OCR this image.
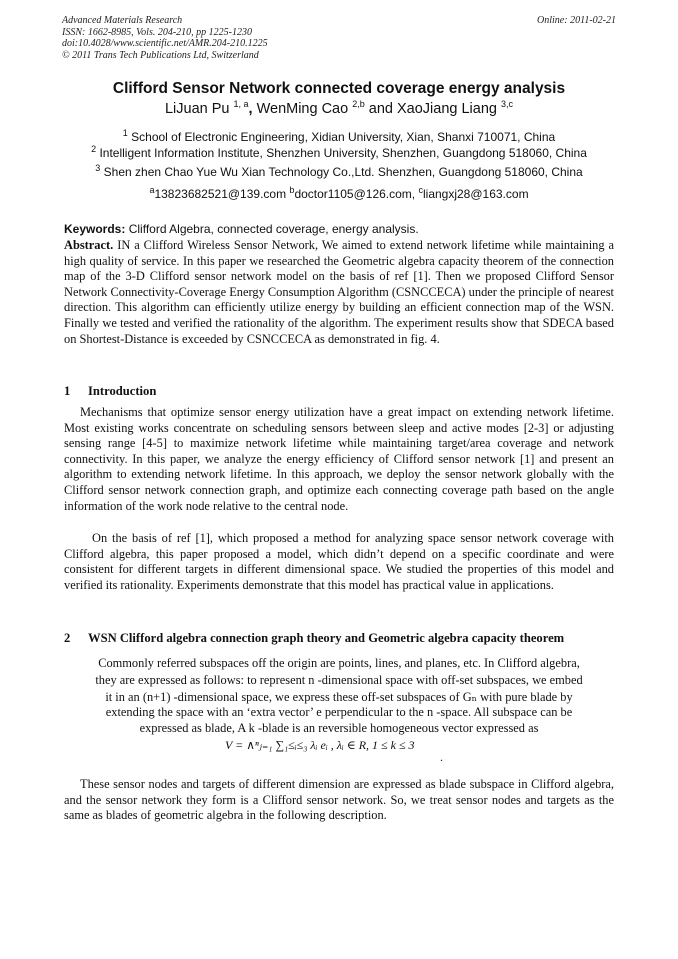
Advanced Materials Research
ISSN: 1662-8985, Vols. 204-210, pp 1225-1230
doi:10.4028/www.scientific.net/AMR.204-210.1225
© 2011 Trans Tech Publications Ltd, Switzerland
Online: 2011-02-21
Clifford Sensor Network connected coverage energy analysis
LiJuan Pu $^{1, a}$, WenMing Cao $^{2,b}$ and XaoJiang Liang $^{3,c}$
$^1$ School of Electronic Engineering, Xidian University, Xian, Shanxi 710071, China
$^2$ Intelligent Information Institute, Shenzhen University, Shenzhen, Guangdong 518060, China
$^3$ Shen zhen Chao Yue Wu Xian Technology Co.,Ltd. Shenzhen, Guangdong 518060, China
$^a$13823682521@139.com $^b$doctor1105@126.com, $^c$liangxj28@163.com
Keywords: Clifford Algebra, connected coverage, energy analysis.
Abstract. IN a Clifford Wireless Sensor Network, We aimed to extend network lifetime while maintaining a high quality of service. In this paper we researched the Geometric algebra capacity theorem of the connection map of the 3-D Clifford sensor network model on the basis of ref [1]. Then we proposed Clifford Sensor Network Connectivity-Coverage Energy Consumption Algorithm (CSNCCECA) under the principle of nearest direction. This algorithm can efficiently utilize energy by building an efficient connection map of the WSN. Finally we tested and verified the rationality of the algorithm. The experiment results show that SDECA based on Shortest-Distance is exceeded by CSNCCECA as demonstrated in fig. 4.
1 Introduction
Mechanisms that optimize sensor energy utilization have a great impact on extending network lifetime. Most existing works concentrate on scheduling sensors between sleep and active modes [2-3] or adjusting sensing range [4-5] to maximize network lifetime while maintaining target/area coverage and network connectivity. In this paper, we analyze the energy efficiency of Clifford sensor network [1] and present an algorithm to extending network lifetime. In this approach, we deploy the sensor network globally with the Clifford sensor network connection graph, and optimize each connecting coverage path based on the angle information of the work node relative to the central node.
On the basis of ref [1], which proposed a method for analyzing space sensor network coverage with Clifford algebra, this paper proposed a model, which didn’t depend on a specific coordinate and were consistent for different targets in different dimensional space. We studied the properties of this model and verified its rationality. Experiments demonstrate that this model has practical value in applications.
2 WSN Clifford algebra connection graph theory and Geometric algebra capacity theorem
Commonly referred subspaces off the origin are points, lines, and planes, etc. In Clifford algebra,
they are expressed as follows: to represent n -dimensional space with off-set subspaces, we embed
it in an (n+1) -dimensional space, we express these off-set subspaces of Gₙ with pure blade by
extending the space with an ‘extra vector’ e perpendicular to the n -space. All subspace can be
expressed as blade, A k -blade is an reversible homogeneous vector expressed as
V = ∧ⁿⱼ₌₁ ∑₁≤ᵢ≤₃ λᵢ eᵢ , λᵢ ∈ R, 1 ≤ k ≤ 3
.
These sensor nodes and targets of different dimension are expressed as blade subspace in Clifford algebra, and the sensor network they form is a Clifford sensor network. So, we treat sensor nodes and targets as the same as blades of geometric algebra in the following description.
